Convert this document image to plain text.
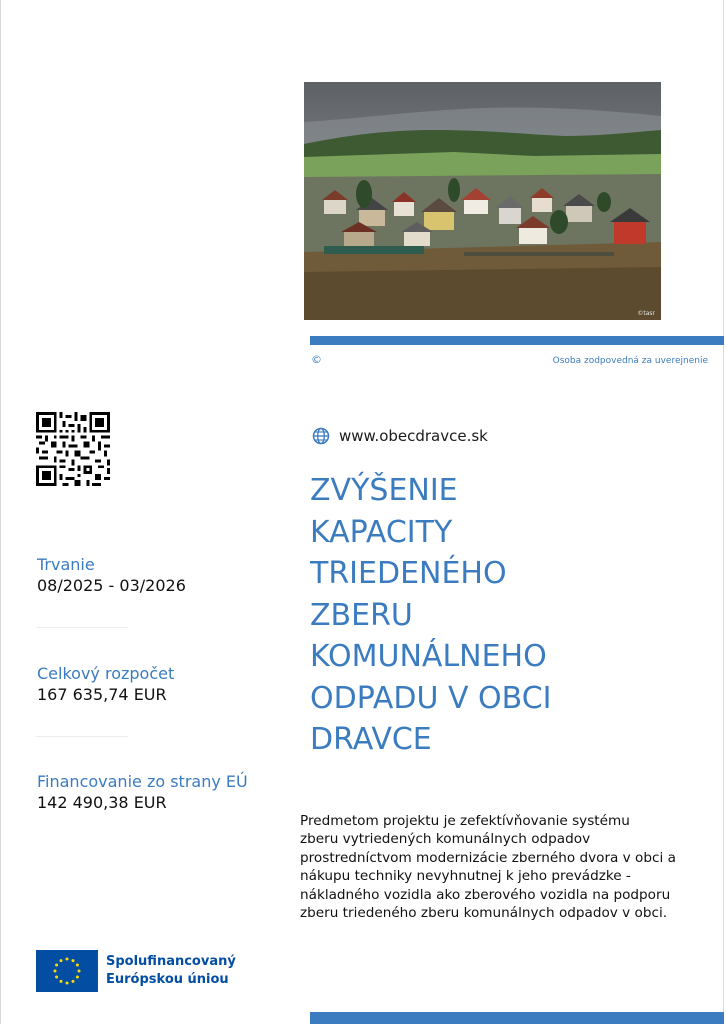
©tasr
©	Osoba zodpovedná za uverejnenie
www.obecdravce.sk
ZVÝŠENIE
KAPACITY
TRIEDENÉHO
ZBERU
KOMUNÁLNEHO
ODPADU V OBCI
DRAVCE
Trvanie
08/2025 - 03/2026
Celkový rozpočet
167 635,74 EUR
Financovanie zo strany EÚ
142 490,38 EUR

Predmetom projektu je zefektívňovanie systému
zberu vytriedených komunálnych odpadov
prostredníctvom modernizácie zberného dvora v obci a
nákupu techniky nevyhnutnej k jeho prevádzke -
nákladného vozidla ako zberového vozidla na podporu
zberu triedeného zberu komunálnych odpadov v obci.

Spolufinancovaný
Európskou úniou
